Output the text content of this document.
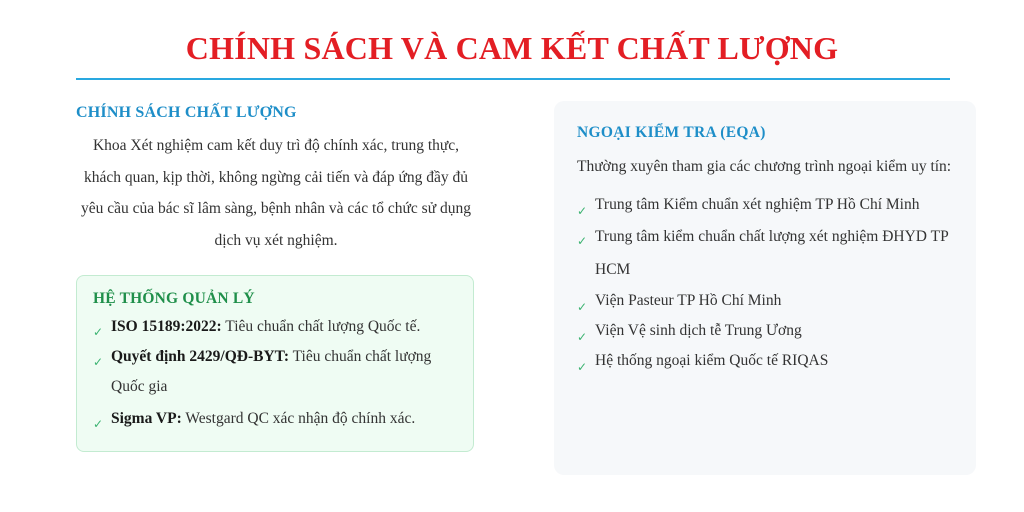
CHÍNH SÁCH VÀ CAM KẾT CHẤT LƯỢNG
CHÍNH SÁCH CHẤT LƯỢNG

Khoa Xét nghiệm cam kết duy trì độ chính xác, trung thực, khách quan, kịp thời, không ngừng cải tiến và đáp ứng đầy đủ yêu cầu của bác sĩ lâm sàng, bệnh nhân và các tổ chức sử dụng dịch vụ xét nghiệm.

HỆ THỐNG QUẢN LÝ
✓ ISO 15189:2022: Tiêu chuẩn chất lượng Quốc tế.
✓ Quyết định 2429/QĐ-BYT: Tiêu chuẩn chất lượng Quốc gia
✓ Sigma VP: Westgard QC xác nhận độ chính xác.
NGOẠI KIỂM TRA (EQA)

Thường xuyên tham gia các chương trình ngoại kiểm uy tín:

✓ Trung tâm Kiểm chuẩn xét nghiệm TP Hồ Chí Minh
✓ Trung tâm kiểm chuẩn chất lượng xét nghiệm ĐHYD TP HCM
✓ Viện Pasteur TP Hồ Chí Minh
✓ Viện Vệ sinh dịch tễ Trung Ương
✓ Hệ thống ngoại kiểm Quốc tế RIQAS
